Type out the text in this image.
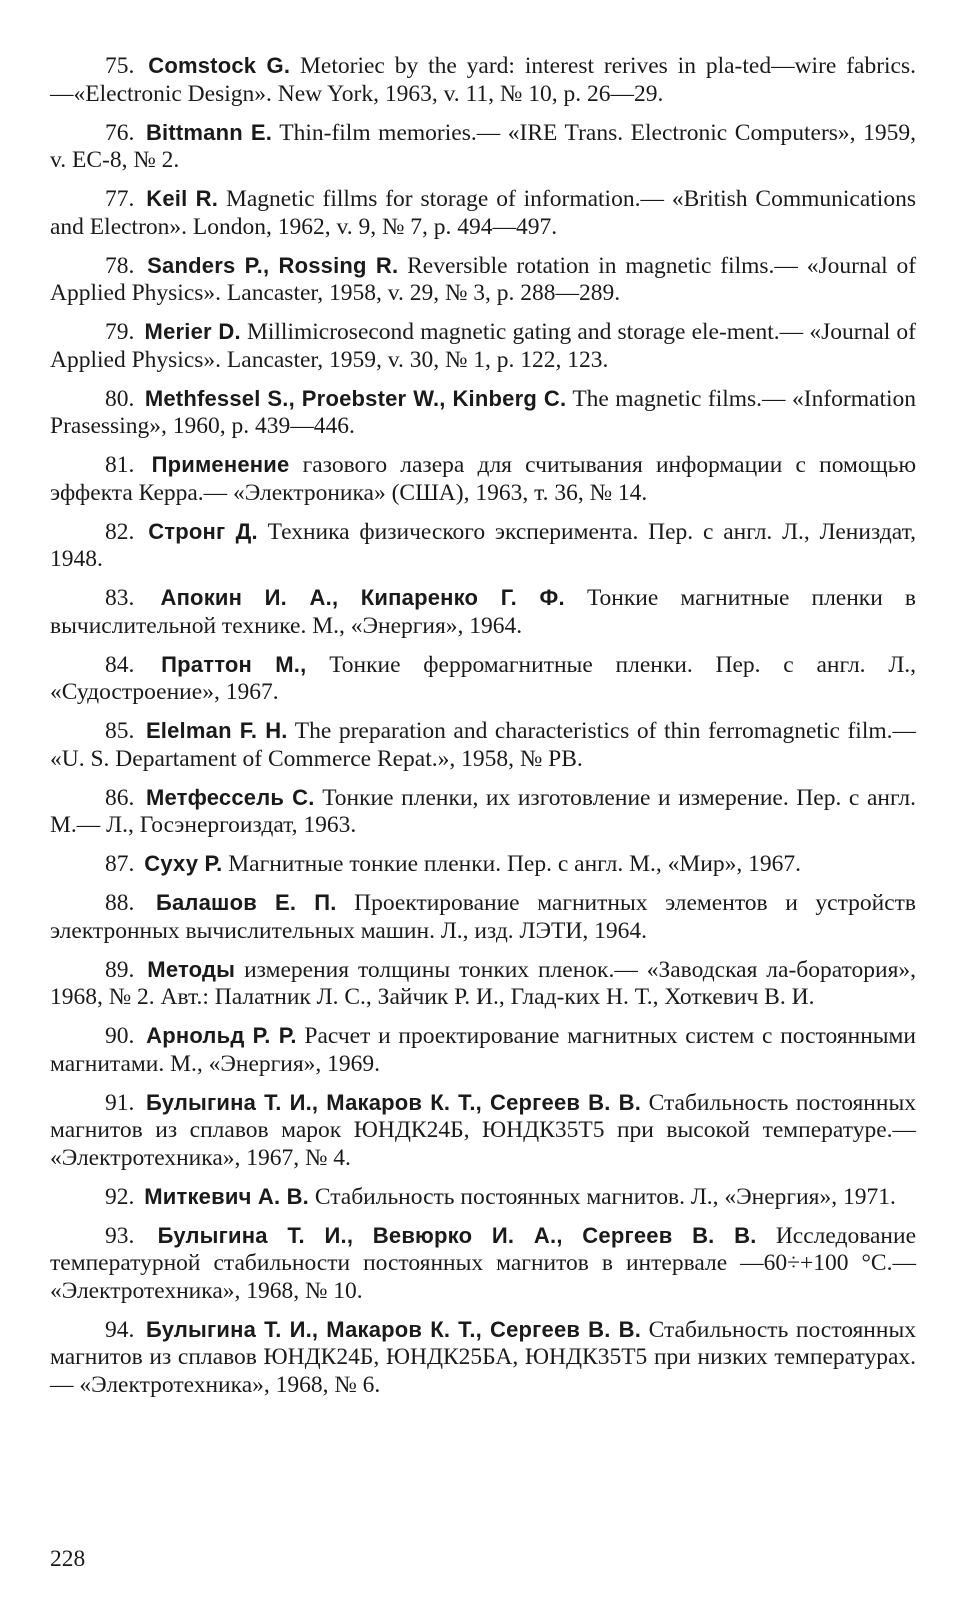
75. Comstock G. Metoriec by the yard: interest rerives in pla-ted—wire fabrics.—«Electronic Design». New York, 1963, v. 11, № 10, p. 26—29.

76. Bittmann E. Thin-film memories.— «IRE Trans. Electronic Computers», 1959, v. EC-8, № 2.

77. Keil R. Magnetic fillms for storage of information.— «British Communications and Electron». London, 1962, v. 9, № 7, p. 494—497.

78. Sanders P., Rossing R. Reversible rotation in magnetic films.— «Journal of Applied Physics». Lancaster, 1958, v. 29, № 3, p. 288—289.

79. Merier D. Millimicrosecond magnetic gating and storage ele-ment.— «Journal of Applied Physics». Lancaster, 1959, v. 30, № 1, p. 122, 123.

80. Methfessel S., Proebster W., Kinberg C. The magnetic films.— «Information Prasessing», 1960, p. 439—446.

81. Применение газового лазера для считывания информации с помощью эффекта Керра.— «Электроника» (США), 1963, т. 36, № 14.

82. Стронг Д. Техника физического эксперимента. Пер. с англ. Л., Лениздат, 1948.

83. Апокин И. А., Кипаренко Г. Ф. Тонкие магнитные пленки в вычислительной технике. М., «Энергия», 1964.

84. Праттон М., Тонкие ферромагнитные пленки. Пер. с англ. Л., «Судостроение», 1967.

85. Elelman F. H. The preparation and characteristics of thin ferromagnetic film.— «U. S. Departament of Commerce Repat.», 1958, № PB.

86. Метфессель С. Тонкие пленки, их изготовление и измерение. Пер. с англ. М.— Л., Госэнергоиздат, 1963.

87. Суху Р. Магнитные тонкие пленки. Пер. с англ. М., «Мир», 1967.

88. Балашов Е. П. Проектирование магнитных элементов и устройств электронных вычислительных машин. Л., изд. ЛЭТИ, 1964.

89. Методы измерения толщины тонких пленок.— «Заводская ла-боратория», 1968, № 2. Авт.: Палатник Л. С., Зайчик Р. И., Глад-ких Н. Т., Хоткевич В. И.

90. Арнольд Р. Р. Расчет и проектирование магнитных систем с постоянными магнитами. М., «Энергия», 1969.

91. Булыгина Т. И., Макаров К. Т., Сергеев В. В. Стабильность постоянных магнитов из сплавов марок ЮНДК24Б, ЮНДК35Т5 при высокой температуре.— «Электротехника», 1967, № 4.

92. Миткевич А. В. Стабильность постоянных магнитов. Л., «Энергия», 1971.

93. Булыгина Т. И., Вевюрко И. А., Сергеев В. В. Исследование температурной стабильности постоянных магнитов в интервале —60÷+100 °С.— «Электротехника», 1968, № 10.

94. Булыгина Т. И., Макаров К. Т., Сергеев В. В. Стабильность постоянных магнитов из сплавов ЮНДК24Б, ЮНДК25БА, ЮНДК35Т5 при низких температурах.— «Электротехника», 1968, № 6.

228
